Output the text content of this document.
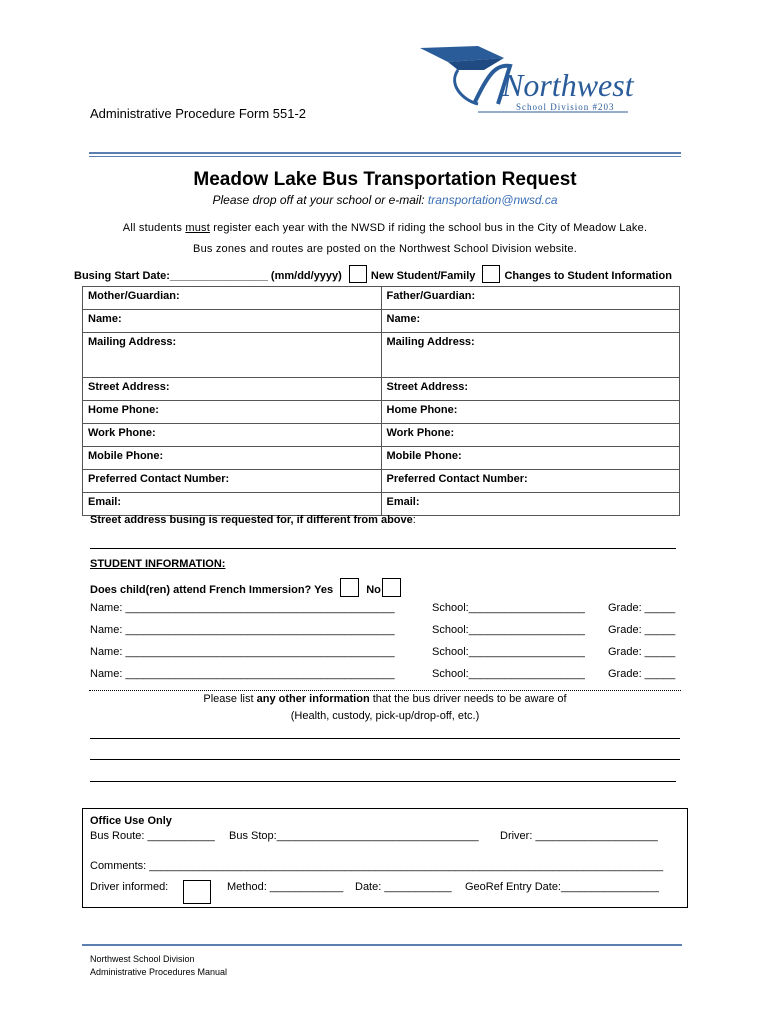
Administrative Procedure Form 551-2
Northwest
School Division #203
Meadow Lake Bus Transportation Request
Please drop off at your school or e-mail: transportation@nwsd.ca
All students must register each year with the NWSD if riding the school bus in the City of Meadow Lake.
Bus zones and routes are posted on the Northwest School Division website.
Busing Start Date:________________ (mm/dd/yyyy)	New Student/Family	Changes to Student Information
Mother/Guardian:	Father/Guardian:
Name:	Name:
Mailing Address:	Mailing Address:
Street Address:	Street Address:
Home Phone:	Home Phone:
Work Phone:	Work Phone:
Mobile Phone:	Mobile Phone:
Preferred Contact Number:	Preferred Contact Number:
Email:	Email:
Street address busing is requested for, if different from above:
STUDENT INFORMATION:
Does child(ren) attend French Immersion? Yes	No
Name: ____________________________________________	School:___________________ Grade: _____
Name: ____________________________________________	School:___________________ Grade: _____
Name: ____________________________________________	School:___________________ Grade: _____
Name: ____________________________________________	School:___________________ Grade: _____
Please list any other information that the bus driver needs to be aware of
(Health, custody, pick-up/drop-off, etc.)
Office Use Only
Bus Route: ___________ Bus Stop:_________________________________ Driver: ____________________
Comments: ____________________________________________________________________________________
Driver informed:	Method: ____________ Date: ___________ GeoRef Entry Date:________________
Northwest School Division
Administrative Procedures Manual
